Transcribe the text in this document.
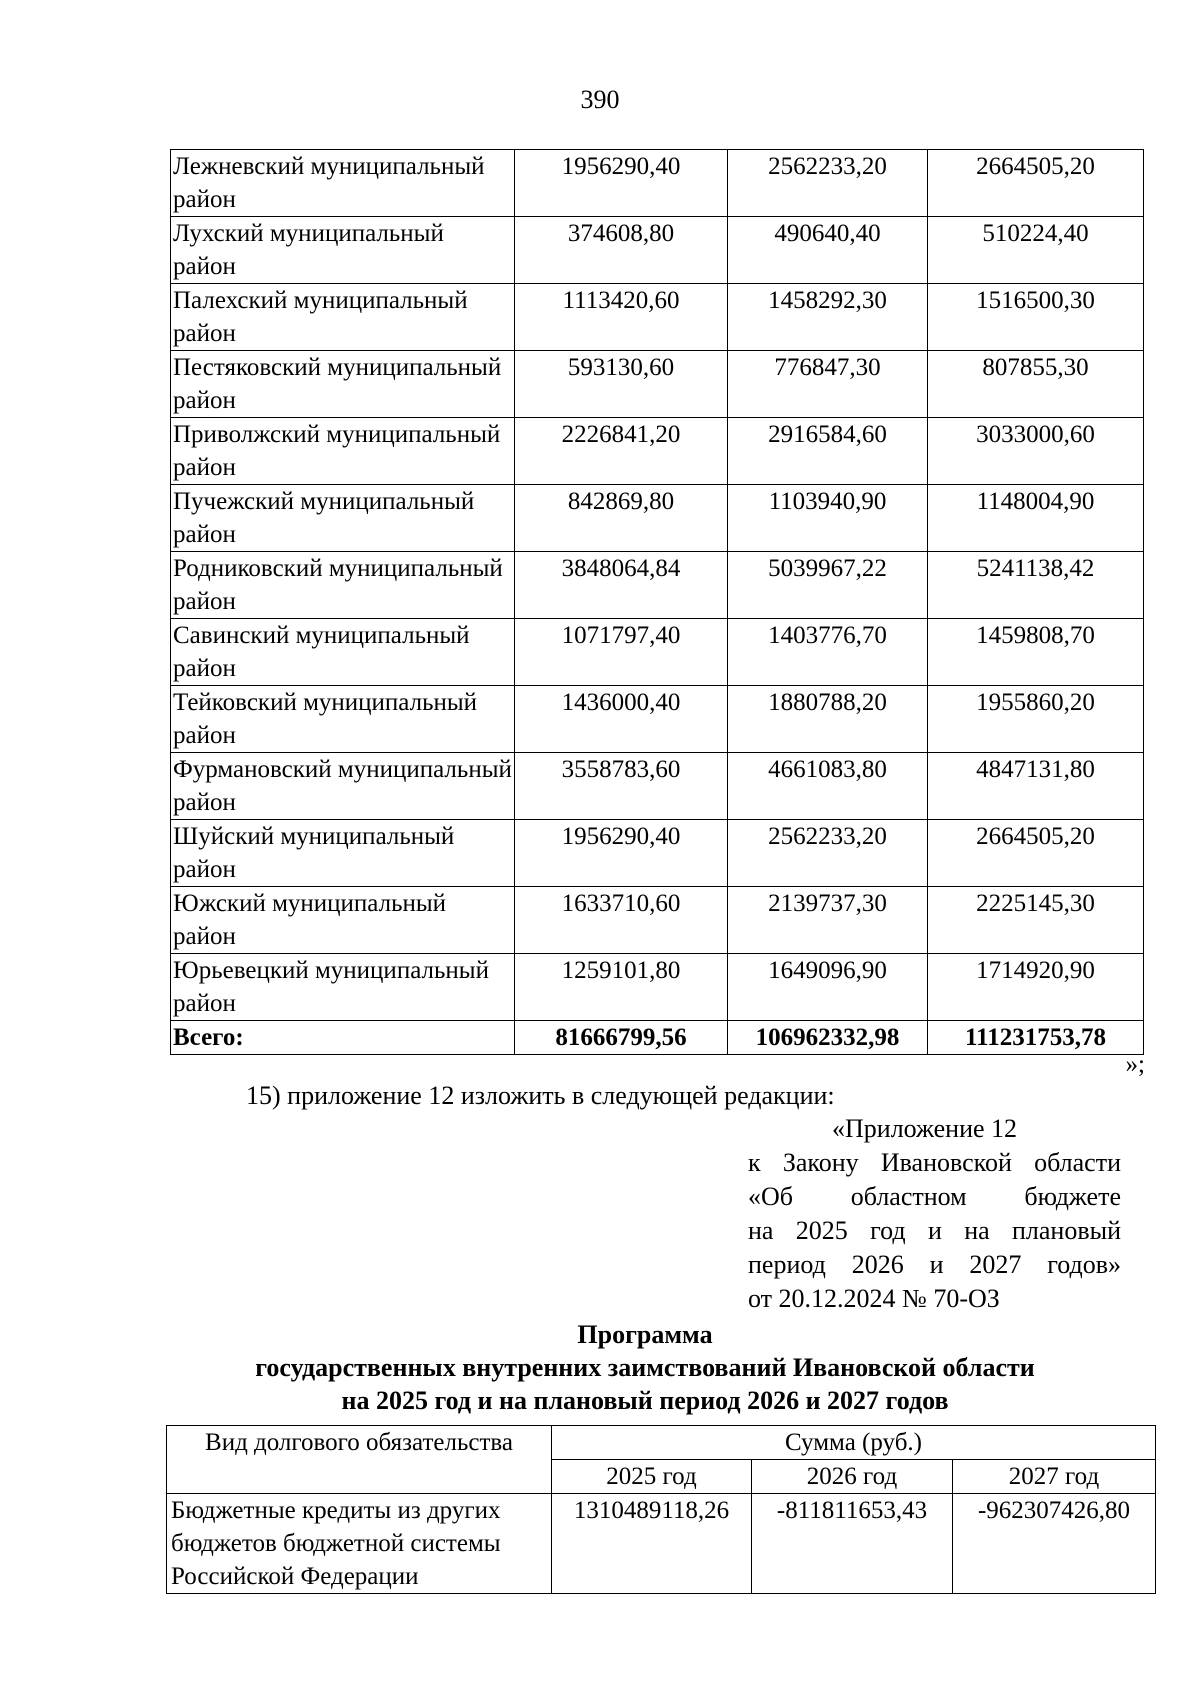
390
Лежневский муниципальный район	1956290,40	2562233,20	2664505,20
Лухский муниципальный район	374608,80	490640,40	510224,40
Палехский муниципальный район	1113420,60	1458292,30	1516500,30
Пестяковский муниципальный район	593130,60	776847,30	807855,30
Приволжский муниципальный район	2226841,20	2916584,60	3033000,60
Пучежский муниципальный район	842869,80	1103940,90	1148004,90
Родниковский муниципальный район	3848064,84	5039967,22	5241138,42
Савинский муниципальный район	1071797,40	1403776,70	1459808,70
Тейковский муниципальный район	1436000,40	1880788,20	1955860,20
Фурмановский муниципальный район	3558783,60	4661083,80	4847131,80
Шуйский муниципальный район	1956290,40	2562233,20	2664505,20
Южский муниципальный район	1633710,60	2139737,30	2225145,30
Юрьевецкий муниципальный район	1259101,80	1649096,90	1714920,90
Всего:	81666799,56	106962332,98	111231753,78
»;
15) приложение 12 изложить в следующей редакции:
«Приложение 12
к Закону Ивановской области
«Об областном бюджете
на 2025 год и на плановый
период 2026 и 2027 годов»
от 20.12.2024 № 70-ОЗ
Программа
государственных внутренних заимствований Ивановской области
на 2025 год и на плановый период 2026 и 2027 годов
Вид долгового обязательства	Сумма (руб.)		
	2025 год	2026 год	2027 год
Бюджетные кредиты из других бюджетов бюджетной системы Российской Федерации	1310489118,26	-811811653,43	-962307426,80
